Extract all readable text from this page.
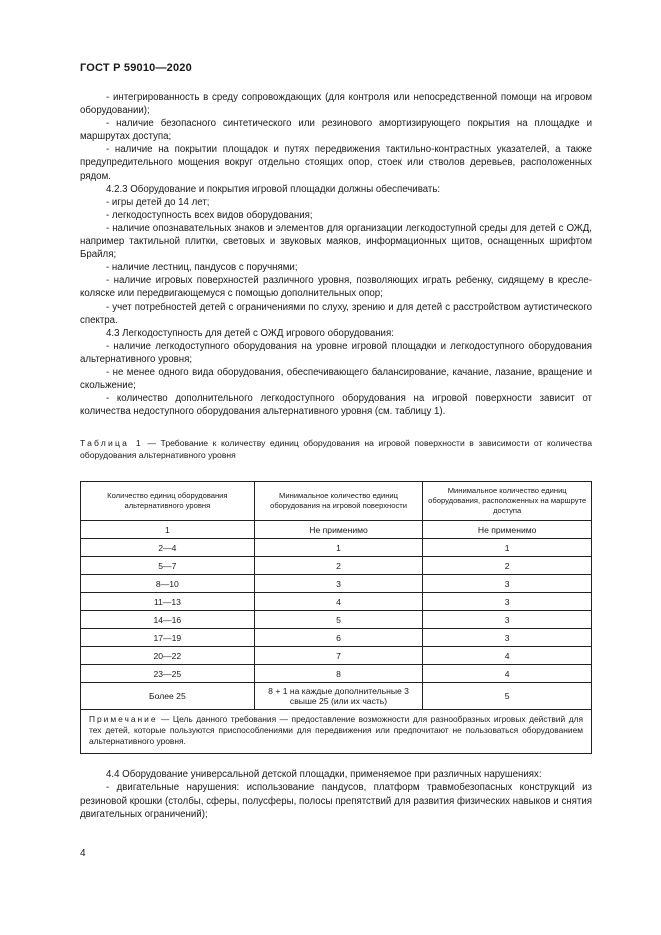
ГОСТ Р 59010—2020

- интегрированность в среду сопровождающих (для контроля или непосредственной помощи на игровом оборудовании);

- наличие безопасного синтетического или резинового амортизирующего покрытия на площадке и маршрутах доступа;

- наличие на покрытии площадок и путях передвижения тактильно-контрастных указателей, а также предупредительного мощения вокруг отдельно стоящих опор, стоек или стволов деревьев, расположенных рядом.

4.2.3 Оборудование и покрытия игровой площадки должны обеспечивать:

- игры детей до 14 лет;

- легкодоступность всех видов оборудования;

- наличие опознавательных знаков и элементов для организации легкодоступной среды для детей с ОЖД, например тактильной плитки, световых и звуковых маяков, информационных щитов, оснащенных шрифтом Брайля;

- наличие лестниц, пандусов с поручнями;

- наличие игровых поверхностей различного уровня, позволяющих играть ребенку, сидящему в кресле-коляске или передвигающемуся с помощью дополнительных опор;

- учет потребностей детей с ограничениями по слуху, зрению и для детей с расстройством аутистического спектра.

4.3 Легкодоступность для детей с ОЖД игрового оборудования:

- наличие легкодоступного оборудования на уровне игровой площадки и легкодоступного оборудования альтернативного уровня;

- не менее одного вида оборудования, обеспечивающего балансирование, качание, лазание, вращение и скольжение;

- количество дополнительного легкодоступного оборудования на игровой поверхности зависит от количества недоступного оборудования альтернативного уровня (см. таблицу 1).

Таблица 1 — Требование к количеству единиц оборудования на игровой поверхности в зависимости от количества оборудования альтернативного уровня

Количество единиц оборудования альтернативного уровня	Минимальное количество единиц оборудования на игровой поверхности	Минимальное количество единиц оборудования, расположенных на маршруте доступа
1	Не применимо	Не применимо
2—4	1	1
5—7	2	2
8—10	3	3
11—13	4	3
14—16	5	3
17—19	6	3
20—22	7	4
23—25	8	4
Более 25	8 + 1 на каждые дополнительные 3 свыше 25 (или их часть)	5
Примечание — Цель данного требования — предоставление возможности для разнообразных игровых действий для тех детей, которые пользуются приспособлениями для передвижения или предпочитают не пользоваться оборудованием альтернативного уровня.		

4.4 Оборудование универсальной детской площадки, применяемое при различных нарушениях:

- двигательные нарушения: использование пандусов, платформ травмобезопасных конструкций из резиновой крошки (столбы, сферы, полусферы, полосы препятствий для развития физических навыков и снятия двигательных ограничений);

4
